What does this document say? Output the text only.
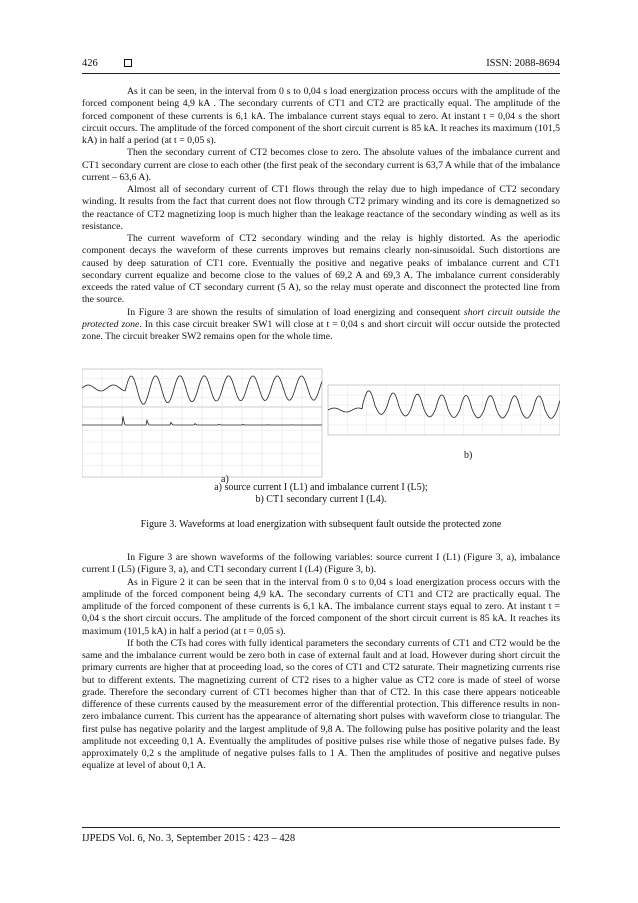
426	ISSN: 2088-8694

As it can be seen, in the interval from 0 s to 0,04 s load energization process occurs with the amplitude of the forced component being 4,9 kA . The secondary currents of CT1 and CT2 are practically equal. The amplitude of the forced component of these currents is 6,1 kA. The imbalance current stays equal to zero. At instant t = 0,04 s the short circuit occurs. The amplitude of the forced component of the short circuit current is 85 kA. It reaches its maximum (101,5 kA) in half a period (at t = 0,05 s).

Then the secondary current of CT2 becomes close to zero. The absolute values of the imbalance current and CT1 secondary current are close to each other (the first peak of the secondary current is 63,7 A while that of the imbalance current – 63,6 A).

Almost all of secondary current of CT1 flows through the relay due to high impedance of CT2 secondary winding. It results from the fact that current does not flow through CT2 primary winding and its core is demagnetized so the reactance of CT2 magnetizing loop is much higher than the leakage reactance of the secondary winding as well as its resistance.

The current waveform of CT2 secondary winding and the relay is highly distorted. As the aperiodic component decays the waveform of these currents improves but remains clearly non-sinusoidal. Such distortions are caused by deep saturation of CT1 core. Eventually the positive and negative peaks of imbalance current and CT1 secondary current equalize and become close to the values of 69,2 A and 69,3 A. The imbalance current considerably exceeds the rated value of CT secondary current (5 A), so the relay must operate and disconnect the protected line from the source.

In Figure 3 are shown the results of simulation of load energizing and consequent short circuit outside the protected zone. In this case circuit breaker SW1 will close at t = 0,04 s and short circuit will occur outside the protected zone. The circuit breaker SW2 remains open for the whole time.

b)
a)
a) source current I (L1) and imbalance current I (L5);
b) CT1 secondary current I (L4).
Figure 3. Waveforms at load energization with subsequent fault outside the protected zone

In Figure 3 are shown waveforms of the following variables: source current I (L1) (Figure 3, a), imbalance current I (L5) (Figure 3, a), and CT1 secondary current I (L4) (Figure 3, b).

As in Figure 2 it can be seen that in the interval from 0 s to 0,04 s load energization process occurs with the amplitude of the forced component being 4,9 kA. The secondary currents of CT1 and CT2 are practically equal. The amplitude of the forced component of these currents is 6,1 kA. The imbalance current stays equal to zero. At instant t = 0,04 s the short circuit occurs. The amplitude of the forced component of the short circuit current is 85 kA. It reaches its maximum (101,5 kA) in half a period (at t = 0,05 s).

If both the CTs had cores with fully identical parameters the secondary currents of CT1 and CT2 would be the same and the imbalance current would be zero both in case of external fault and at load. However during short circuit the primary currents are higher that at proceeding load, so the cores of CT1 and CT2 saturate. Their magnetizing currents rise but to different extents. The magnetizing current of CT2 rises to a higher value as CT2 core is made of steel of worse grade. Therefore the secondary current of CT1 becomes higher than that of CT2. In this case there appears noticeable difference of these currents caused by the measurement error of the differential protection. This difference results in non-zero imbalance current. This current has the appearance of alternating short pulses with waveform close to triangular. The first pulse has negative polarity and the largest amplitude of 9,8 A. The following pulse has positive polarity and the least amplitude not exceeding 0,1 A. Eventually the amplitudes of positive pulses rise while those of negative pulses fade. By approximately 0,2 s the amplitude of negative pulses falls to 1 A. Then the amplitudes of positive and negative pulses equalize at level of about 0,1 A.

IJPEDS Vol. 6, No. 3, September 2015 : 423 – 428
